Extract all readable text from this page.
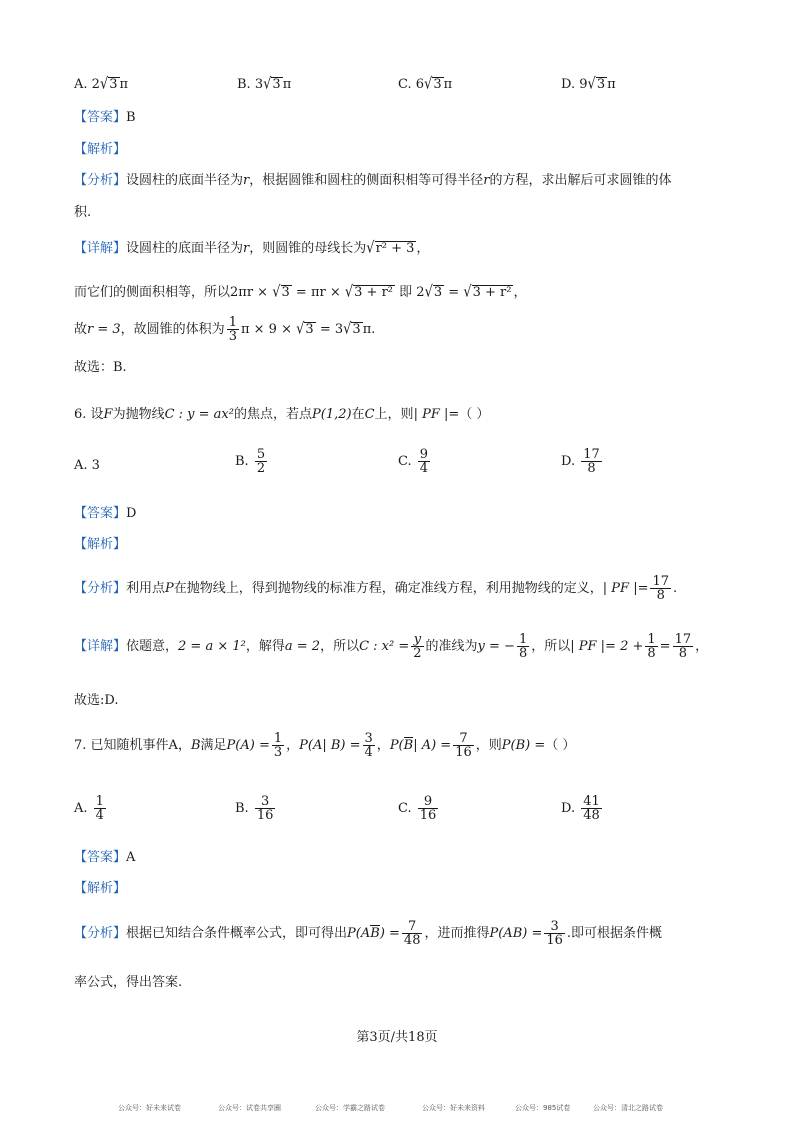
A. 2√3 π	B. 3√3 π	C. 6√3 π	D. 9√3 π
【答案】B
【解析】
【分析】设圆柱的底面半径为r，根据圆锥和圆柱的侧面积相等可得半径r的方程，求出解后可求圆锥的体
积.
【详解】设圆柱的底面半径为r，则圆锥的母线长为√r² + 3 ，
而它们的侧面积相等，所以2πr × √3 = πr × √3 + r² 即 2√3 = √3 + r² ，
故r = 3，故圆锥的体积为 $\frac{1}{3}$ π × 9 × √3 = 3√3 π.
故选：B.
6. 设F为抛物线C : y = ax²的焦点，若点P(1,2)在C上，则| PF |=（ ）
A. 3	B. $\frac{5}{2}$	C. $\frac{9}{4}$	D. $\frac{17}{8}$
【答案】D
【解析】
【分析】利用点P在抛物线上，得到抛物线的标准方程，确定准线方程，利用抛物线的定义，| PF |= $\frac{17}{8}$ .
【详解】依题意，2 = a × 1²，解得a = 2，所以C : $x^2 = \frac{y}{2}$ 的准线为y = − $\frac{1}{8}$ ，所以| PF |= $2 + \frac{1}{8} = \frac{17}{8}$ ，
故选:D.
7. 已知随机事件A，B满足$P(A) = \frac{1}{3}$ ，P(A| $B) = \frac{3}{4}$ ，P(B| $A) = \frac{7}{16}$ ，则P(B) =（ ）
A. $\frac{1}{4}$	B. $\frac{3}{16}$	C. $\frac{9}{16}$	D. $\frac{41}{48}$
【答案】A
【解析】
【分析】根据已知结合条件概率公式，即可得出$P(AB) = \frac{7}{48}$ ，进而推得$P(AB) = \frac{3}{16}$ .即可根据条件概
率公式，得出答案.
第3页/共18页
公众号：好未来试卷	公众号：试卷共享圈	公众号：学霸之路试卷	公众号：好未来资料	公众号：985试卷	公众号：清北之路试卷
